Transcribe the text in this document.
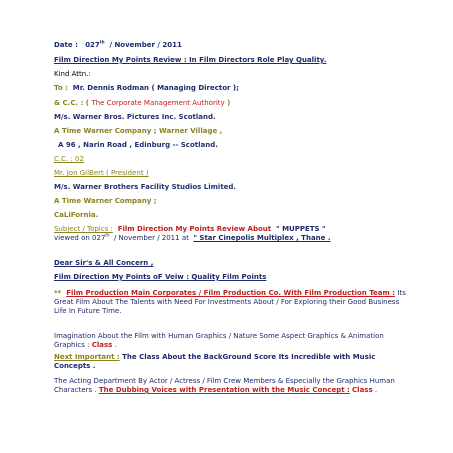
Date : 027th / November / 2011
Film Direction My Points Review : In Film Directors Role Play Quality.
Kind Attn.:
To : Mr. Dennis Rodman ( Managing Director );
& C.C. : ( The Corporate Management Authority )
M/s. Warner Bros. Pictures Inc. Scotland.
A Time Warner Company ; Warner Village ,
A 96 , Narin Road , Edinburg -- Scotland.
C.C. : 02
Mr. Jon GilBert ( President )
M/s. Warner Brothers Facility Studios Limited.
A Time Warner Company ;
CaLiFornia.
Subject / Topics : Film Direction My Points Review About " MUPPETS "
viewed on 027th / November / 2011 at " Star Cinepolis Multiplex , Thane .
Dear Sir's & All Concern ,
Film Direction My Points oF Veiw : Quality Film Points
** Film Production Main Corporates / Film Production Co. With Film Production Team : Its Great Film About The Talents with Need For Investments About / For Exploring their Good Business Life In Future Time.
Imagination About the Film with Human Graphics / Nature Some Aspect Graphics & Animation Graphics : Class .
Next Important : The Class About the BackGround Score Its Incredible with Music Concepts .
The Acting Department By Actor / Actress / Film Crew Members & Especially the Graphics Human Characters . The Dubbing Voices with Presentation with the Music Concept : Class .
